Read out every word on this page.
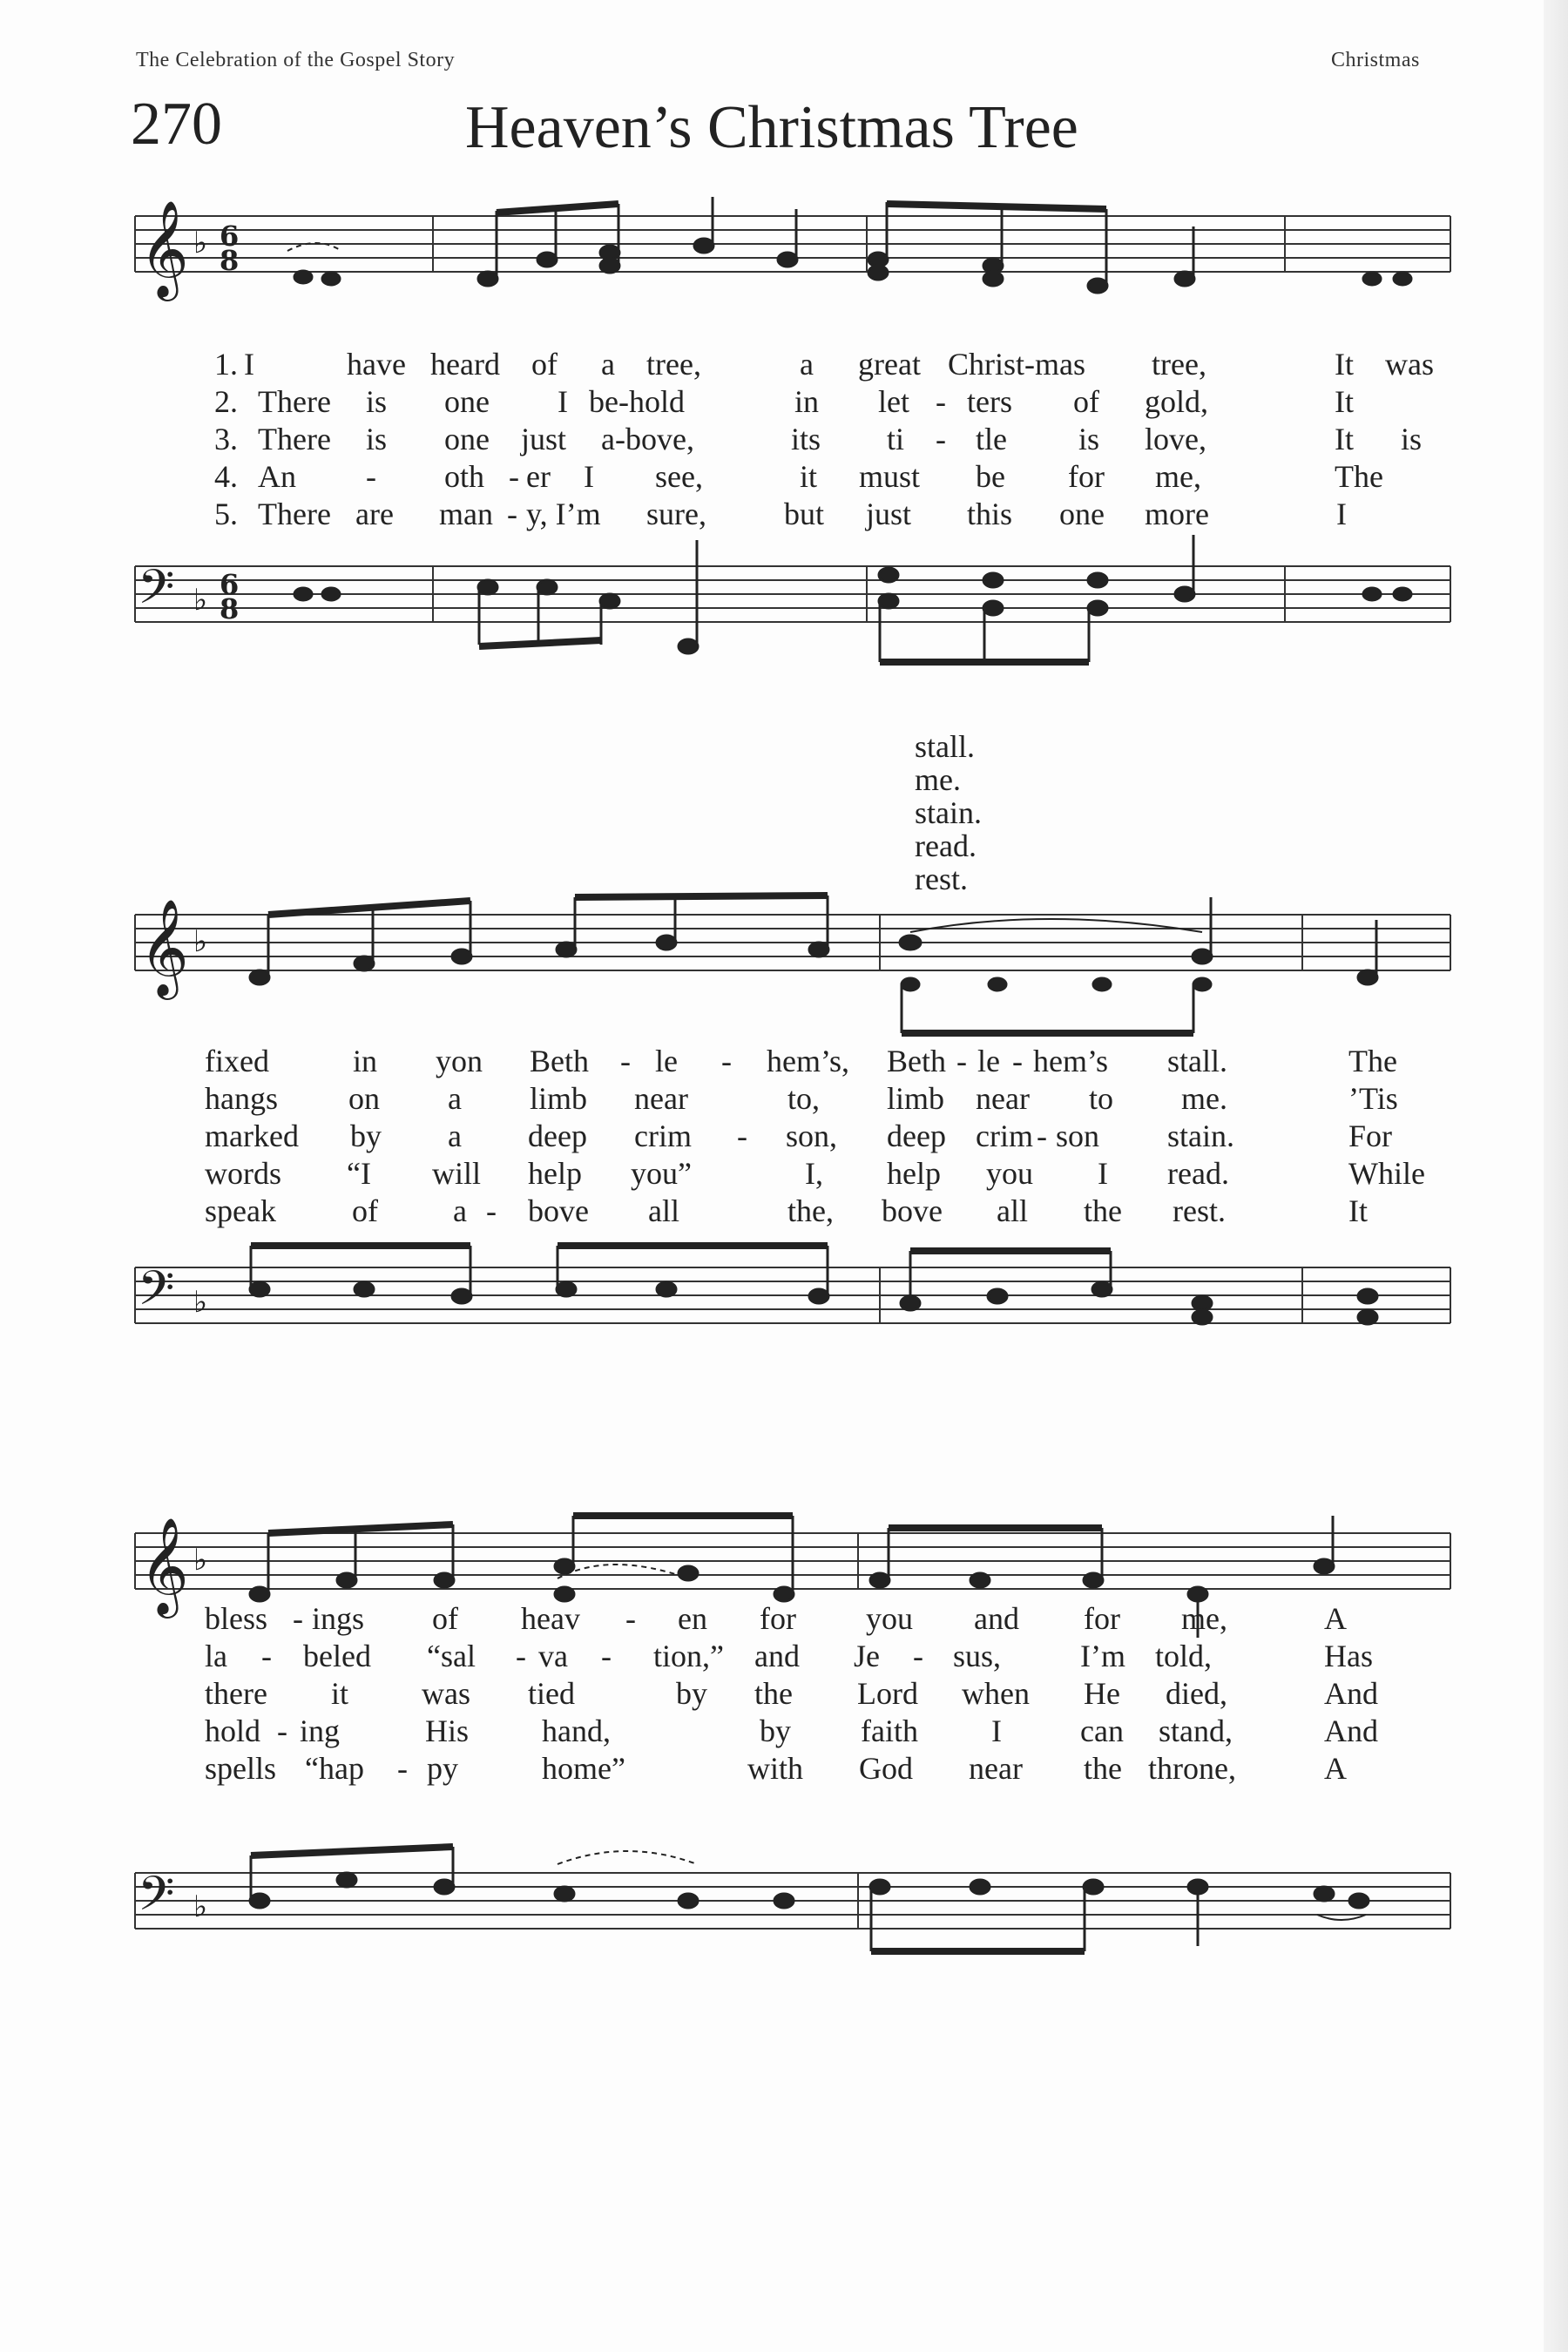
The Celebration of the Gospel Story	Christmas
270	Heaven’s Christmas Tree
𝄞 ♭ 6
8
𝄢 ♭ 6
8
𝄞 ♭
𝄢 ♭
𝄞 ♭
𝄢 ♭
1.
2.
3.
4.
5.
I	have heard of a tree,	a great Christ-mas tree,	It was
There is one I be-hold	in let - ters of gold,	It
There is one just a-bove,	its ti - tle is love,	It is
An - oth - er I see,	it must be for me,	The
There are man - y, I’m sure, but just this one more	I
stall.
me.
stain.
read.
rest.
fixed	in yon Beth - le - hem’s, Beth - le - hem’s stall.	The
hangs on a limb near	to, limb near to me.	’Tis
marked by a deep crim - son, deep crim - son stain.	For
words “I will help you”	I, help you I read.	While
speak of a - bove all	the, bove all the rest.	It
bless - ings of heav - en for you and for me,	A
la - beled “sal - va - tion,” and Je - sus,	I’m told,	Has
there it was tied	by the Lord when He died,	And
hold - ing	His hand,	by faith I	can stand,	And
spells “hap - py	home”	with God near the throne,	A
